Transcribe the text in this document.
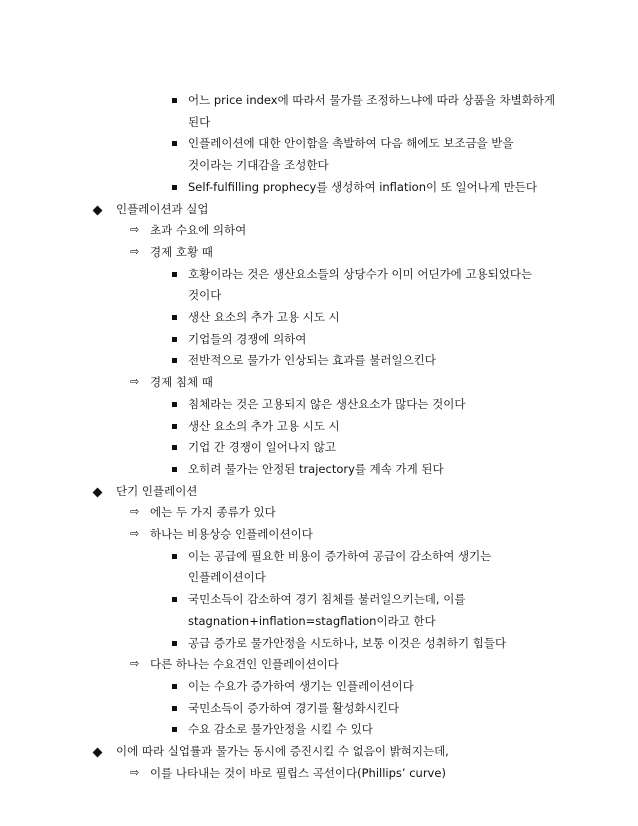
어느 price index에 따라서 물가를 조정하느냐에 따라 상품을 차별화하게
된다
인플레이션에 대한 안이함을 촉발하여 다음 해에도 보조금을 받을
것이라는 기대감을 조성한다
Self-fulfilling prophecy를 생성하여 inflation이 또 일어나게 만든다
인플레이션과 실업
⇨ 초과 수요에 의하여
⇨ 경제 호황 때
호황이라는 것은 생산요소들의 상당수가 이미 어딘가에 고용되었다는
것이다
생산 요소의 추가 고용 시도 시
기업들의 경쟁에 의하여
전반적으로 물가가 인상되는 효과를 불러일으킨다
⇨ 경제 침체 때
침체라는 것은 고용되지 않은 생산요소가 많다는 것이다
생산 요소의 추가 고용 시도 시
기업 간 경쟁이 일어나지 않고
오히려 물가는 안정된 trajectory를 계속 가게 된다
단기 인플레이션
⇨ 에는 두 가지 종류가 있다
⇨ 하나는 비용상승 인플레이션이다
이는 공급에 필요한 비용이 증가하여 공급이 감소하여 생기는
인플레이션이다
국민소득이 감소하여 경기 침체를 불러일으키는데, 이를
stagnation+inflation=stagflation이라고 한다
공급 증가로 물가안정을 시도하나, 보통 이것은 성취하기 힘들다
⇨ 다른 하나는 수요견인 인플레이션이다
이는 수요가 증가하여 생기는 인플레이션이다
국민소득이 증가하여 경기를 활성화시킨다
수요 감소로 물가안정을 시킬 수 있다
이에 따라 실업률과 물가는 동시에 증진시킬 수 없음이 밝혀지는데,
⇨ 이를 나타내는 것이 바로 필립스 곡선이다(Phillips’ curve)
